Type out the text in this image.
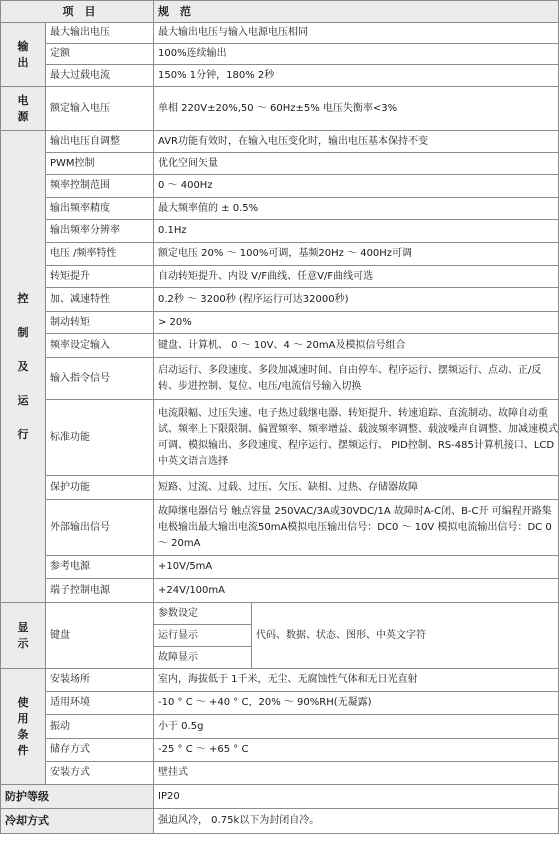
项　目		规　范	

输出	最大输出电压	最大输出电压与输入电源电压相同	
	定额	100%连续输出	
	最大过载电流	150% 1分钟，180% 2秒	

电源	额定输入电压	单相 220V±20%,50 ～ 60Hz±5% 电压失衡率<3%	

控制及运行	输出电压自调整	AVR功能有效时，在输入电压变化时，输出电压基本保持不变	
	PWM控制	优化空间矢量	
	频率控制范围	0 ～ 400Hz	
	输出频率精度	最大频率值的 ± 0.5%	
	输出频率分辨率	0.1Hz	
	电压 /频率特性	额定电压 20% ～ 100%可调，基频20Hz ～ 400Hz可调	
	转矩提升	自动转矩提升、内设 V/F曲线、任意V/F曲线可选	
	加、减速特性	0.2秒 ～ 3200秒 (程序运行可达32000秒)	
	制动转矩	> 20%	
	频率设定输入	键盘、计算机、 0 ～ 10V、4 ～ 20mA及模拟信号组合	
	输入指令信号	启动运行、多段速度、多段加减速时间、自由停车、程序运行、摆频运行、点动、正/反转、步进控制、复位、电压/电流信号输入切换	
	标准功能	电流限幅、过压失速、电子热过载继电器、转矩提升、转速追踪、直流制动、故障自动重试、频率上下限限制、偏置频率、频率增益、载波频率调整、载波噪声自调整、加减速模式可调、模拟输出、多段速度、程序运行、摆频运行、 PID控制、RS-485计算机接口、LCD中英文语言选择	
	保护功能	短路、过流、过载、过压、欠压、缺相、过热、存储器故障	
	外部输出信号	故障继电器信号 触点容量 250VAC/3A或30VDC/1A 故障时A-C闭、B-C开 可编程开路集电极输出最大输出电流50mA模拟电压输出信号：DC0 ～ 10V 模拟电流输出信号：DC 0 ～ 20mA	
	参考电源	+10V/5mA	
	端子控制电源	+24V/100mA	

显示	键盘	参数设定	代码、数据、状态、图形、中英文字符
		运行显示	
		故障显示	

使用条件	安装场所	室内，海拔低于 1千米，无尘、无腐蚀性气体和无日光直射	
	适用环境	-10 ° C ～ +40 ° C，20% ～ 90%RH(无凝露)	
	振动	小于 0.5g	
	储存方式	-25 ° C ～ +65 ° C	
	安装方式	壁挂式	
防护等级		IP20	
冷却方式		强迫风冷， 0.75k以下为封闭自冷。	
